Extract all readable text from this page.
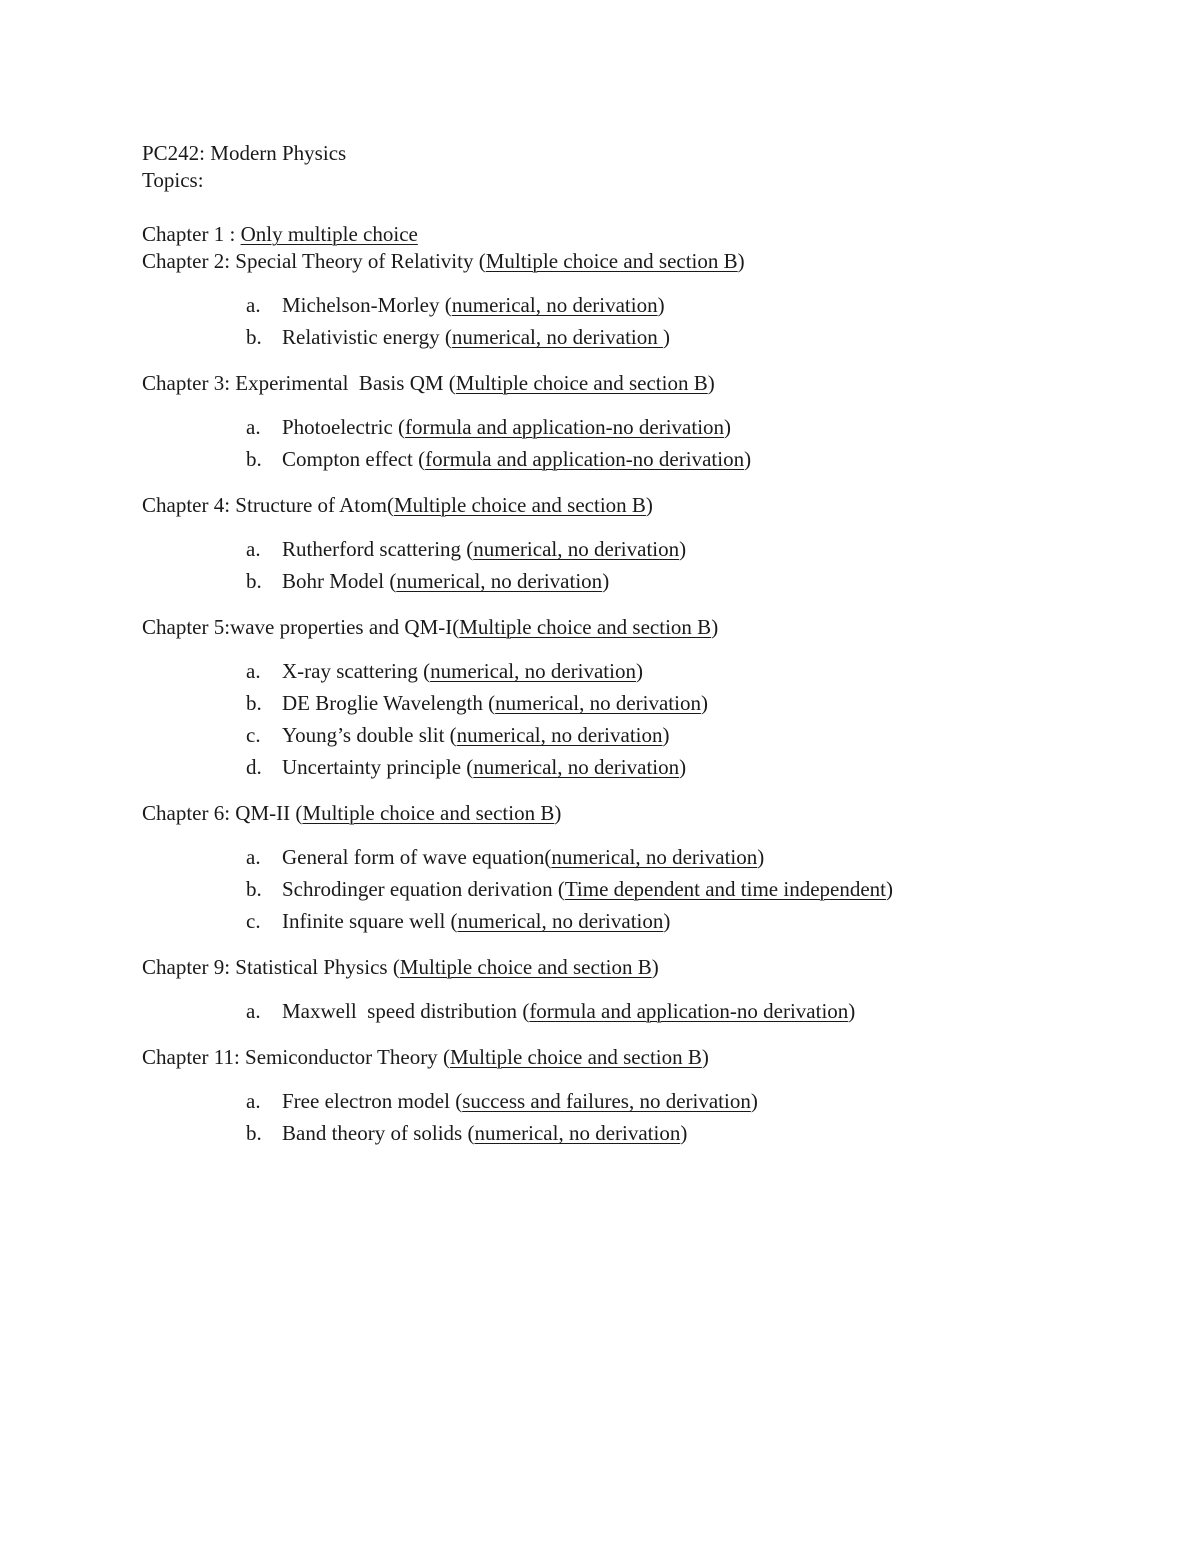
PC242: Modern Physics
Topics:

Chapter 1 : Only multiple choice
Chapter 2: Special Theory of Relativity (Multiple choice and section B)
a.	Michelson-Morley (numerical, no derivation)
b. Relativistic energy (numerical, no derivation )
Chapter 3: Experimental  Basis QM (Multiple choice and section B)
a.	Photoelectric (formula and application-no derivation)
b. Compton effect (formula and application-no derivation)
Chapter 4: Structure of Atom(Multiple choice and section B)
a.	Rutherford scattering (numerical, no derivation)
b. Bohr Model (numerical, no derivation)
Chapter 5:wave properties and QM-I(Multiple choice and section B)
a.	X-ray scattering (numerical, no derivation)
b. DE Broglie Wavelength (numerical, no derivation)
c.	Young’s double slit (numerical, no derivation)
d. Uncertainty principle (numerical, no derivation)
Chapter 6: QM-II (Multiple choice and section B)
a.	General form of wave equation(numerical, no derivation)
b. Schrodinger equation derivation (Time dependent and time independent)
c.	Infinite square well (numerical, no derivation)
Chapter 9: Statistical Physics (Multiple choice and section B)
a.	Maxwell  speed distribution (formula and application-no derivation)
Chapter 11: Semiconductor Theory (Multiple choice and section B)
a.	Free electron model (success and failures, no derivation)
b. Band theory of solids (numerical, no derivation)
